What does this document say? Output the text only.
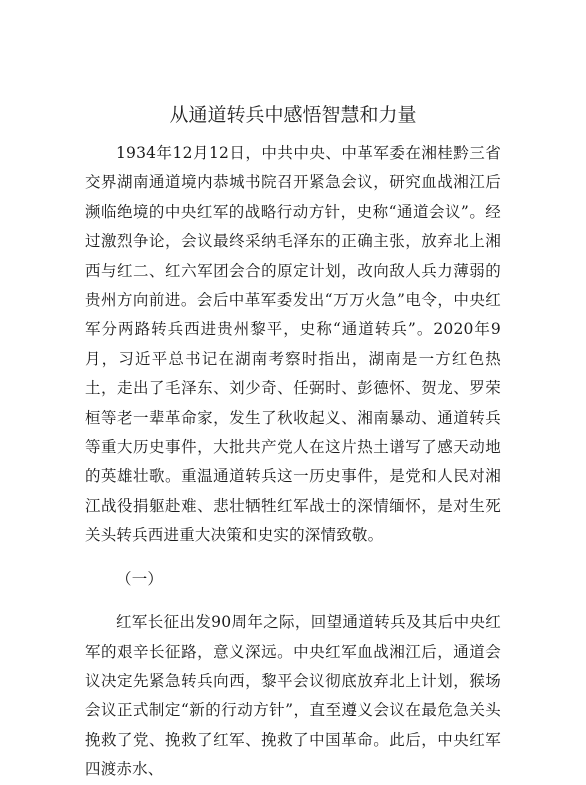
从通道转兵中感悟智慧和力量

1934年12月12日，中共中央、中革军委在湘桂黔三省交界湖南通道境内恭城书院召开紧急会议，研究血战湘江后濒临绝境的中央红军的战略行动方针，史称“通道会议”。经过激烈争论，会议最终采纳毛泽东的正确主张，放弃北上湘西与红二、红六军团会合的原定计划，改向敌人兵力薄弱的贵州方向前进。会后中革军委发出“万万火急”电令，中央红军分两路转兵西进贵州黎平，史称“通道转兵”。2020年9月，习近平总书记在湖南考察时指出，湖南是一方红色热土，走出了毛泽东、刘少奇、任弼时、彭德怀、贺龙、罗荣桓等老一辈革命家，发生了秋收起义、湘南暴动、通道转兵等重大历史事件，大批共产党人在这片热土谱写了感天动地的英雄壮歌。重温通道转兵这一历史事件，是党和人民对湘江战役捐躯赴难、悲壮牺牲红军战士的深情缅怀，是对生死关头转兵西进重大决策和史实的深情致敬。

（一）

红军长征出发90周年之际，回望通道转兵及其后中央红军的艰辛长征路，意义深远。中央红军血战湘江后，通道会议决定先紧急转兵向西，黎平会议彻底放弃北上计划，猴场会议正式制定“新的行动方针”，直至遵义会议在最危急关头挽救了党、挽救了红军、挽救了中国革命。此后，中央红军四渡赤水、
